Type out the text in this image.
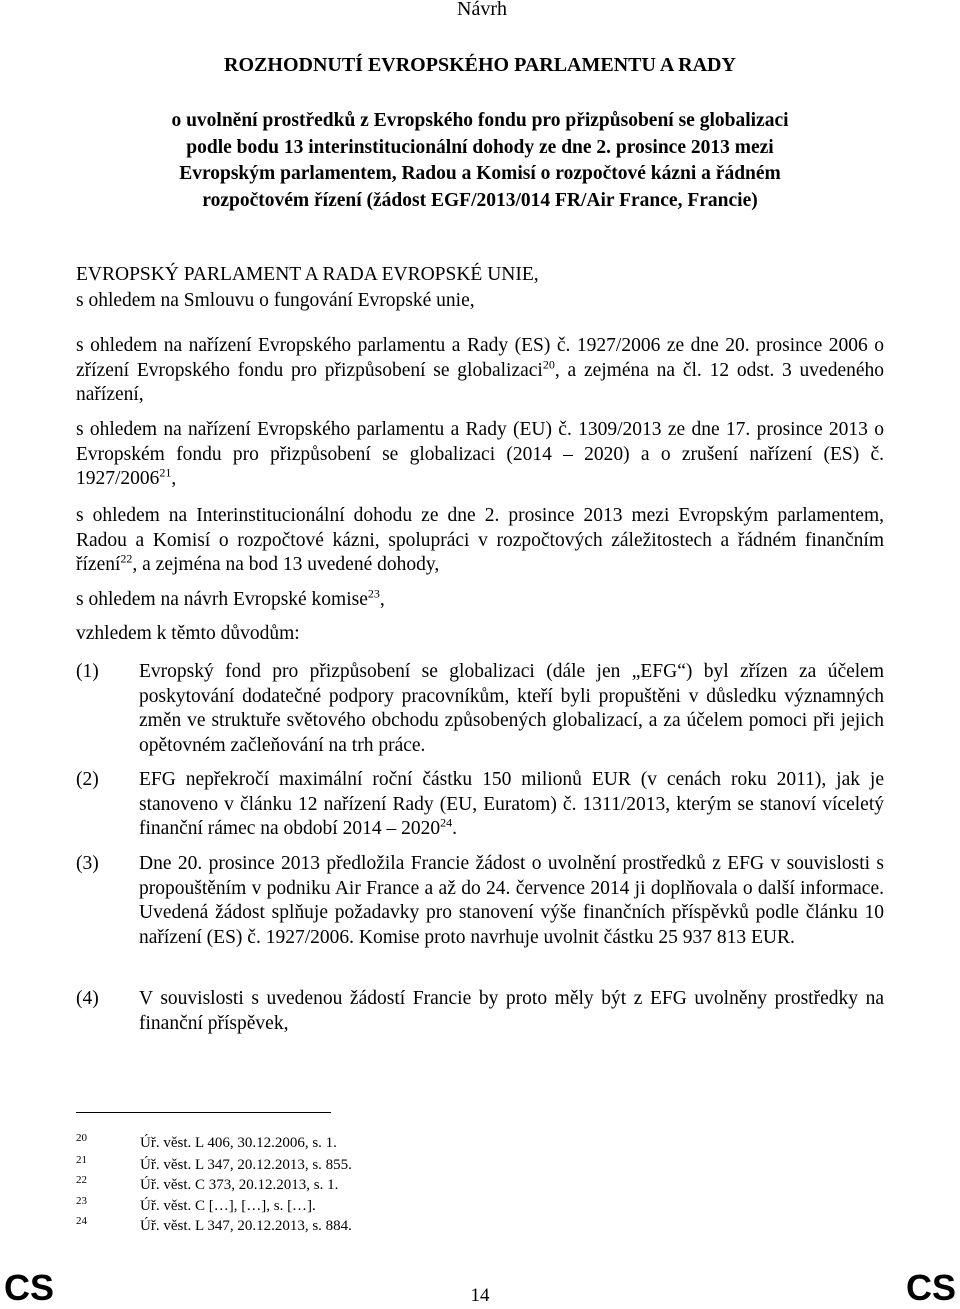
Návrh
ROZHODNUTÍ EVROPSKÉHO PARLAMENTU A RADY
o uvolnění prostředků z Evropského fondu pro přizpůsobení se globalizaci podle bodu 13 interinstitucionální dohody ze dne 2. prosince 2013 mezi Evropským parlamentem, Radou a Komisí o rozpočtové kázni a řádném rozpočtovém řízení (žádost EGF/2013/014 FR/Air France, Francie)
EVROPSKÝ PARLAMENT A RADA EVROPSKÉ UNIE,
s ohledem na Smlouvu o fungování Evropské unie,
s ohledem na nařízení Evropského parlamentu a Rady (ES) č. 1927/2006 ze dne 20. prosince 2006 o zřízení Evropského fondu pro přizpůsobení se globalizaci$^{20}$, a zejména na čl. 12 odst. 3 uvedeného nařízení,
s ohledem na nařízení Evropského parlamentu a Rady (EU) č. 1309/2013 ze dne 17. prosince 2013 o Evropském fondu pro přizpůsobení se globalizaci (2014 – 2020) a o zrušení nařízení (ES) č. 1927/2006$^{21}$,
s ohledem na Interinstitucionální dohodu ze dne 2. prosince 2013 mezi Evropským parlamentem, Radou a Komisí o rozpočtové kázni, spolupráci v rozpočtových záležitostech a řádném finančním řízení$^{22}$, a zejména na bod 13 uvedené dohody,
s ohledem na návrh Evropské komise$^{23}$,
vzhledem k těmto důvodům:
(1) Evropský fond pro přizpůsobení se globalizaci (dále jen „EFG“) byl zřízen za účelem poskytování dodatečné podpory pracovníkům, kteří byli propuštěni v důsledku významných změn ve struktuře světového obchodu způsobených globalizací, a za účelem pomoci při jejich opětovném začleňování na trh práce.
(2) EFG nepřekročí maximální roční částku 150 milionů EUR (v cenách roku 2011), jak je stanoveno v článku 12 nařízení Rady (EU, Euratom) č. 1311/2013, kterým se stanoví víceletý finanční rámec na období 2014 – 2020$^{24}$.
(3) Dne 20. prosince 2013 předložila Francie žádost o uvolnění prostředků z EFG v souvislosti s propouštěním v podniku Air France a až do 24. července 2014 ji doplňovala o další informace. Uvedená žádost splňuje požadavky pro stanovení výše finančních příspěvků podle článku 10 nařízení (ES) č. 1927/2006. Komise proto navrhuje uvolnit částku 25 937 813 EUR.
(4) V souvislosti s uvedenou žádostí Francie by proto měly být z EFG uvolněny prostředky na finanční příspěvek,
20	Úř. věst. L 406, 30.12.2006, s. 1.
21	Úř. věst. L 347, 20.12.2013, s. 855.
22	Úř. věst. C 373, 20.12.2013, s. 1.
23	Úř. věst. C […], […], s. […].
24	Úř. věst. L 347, 20.12.2013, s. 884.
CS	14	CS
